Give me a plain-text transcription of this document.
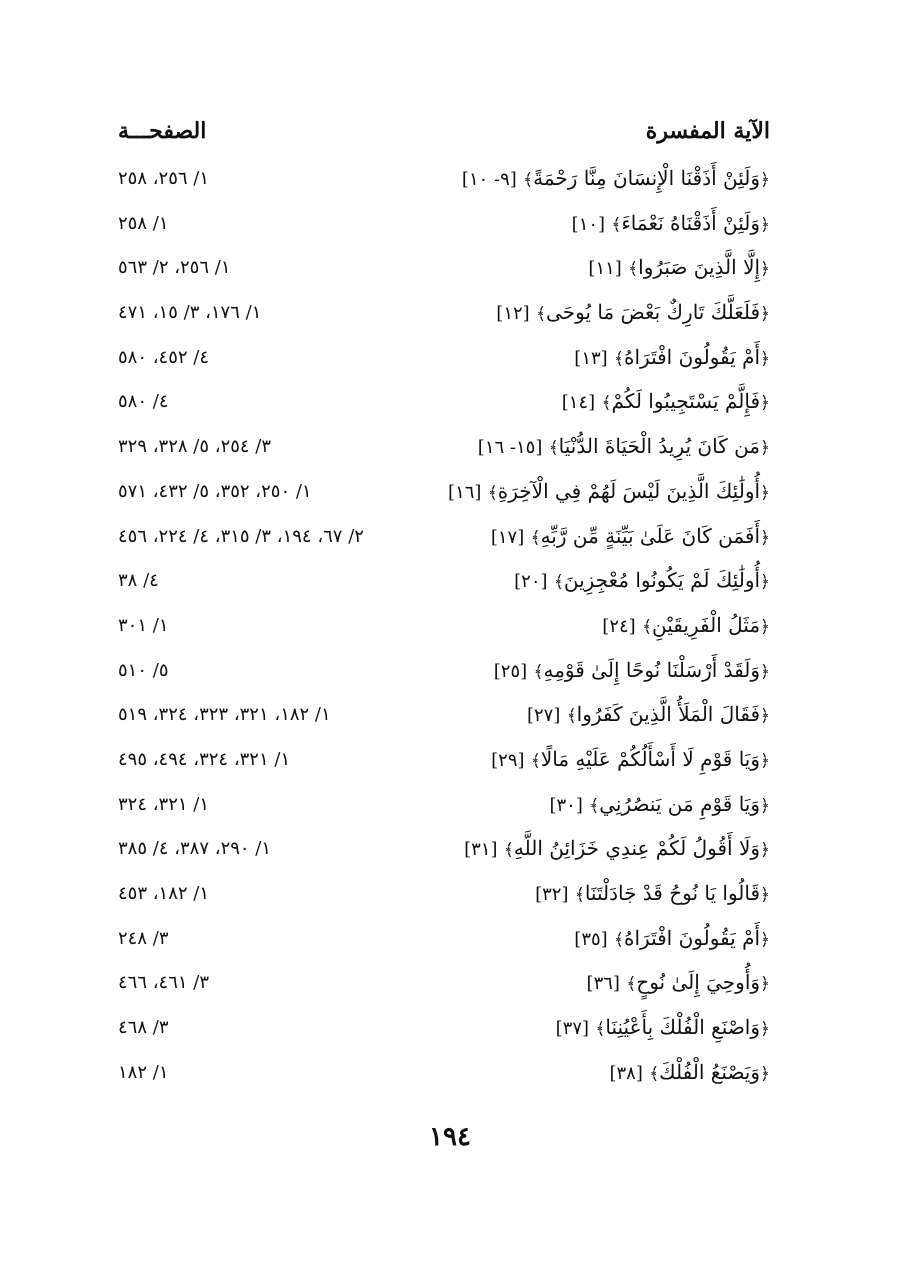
الآية المفسرة
الصفحـــة
﴿وَلَئِنْ أَذَقْنَا الْإِنسَانَ مِنَّا رَحْمَةً﴾ [٩- ١٠]
١/ ٢٥٦، ٢٥٨
﴿وَلَئِنْ أَذَقْنَاهُ نَعْمَاءَ﴾ [١٠]
١/ ٢٥٨
﴿إِلَّا الَّذِينَ صَبَرُوا﴾ [١١]
١/ ٢٥٦، ٢/ ٥٦٣
﴿فَلَعَلَّكَ تَارِكٌ بَعْضَ مَا يُوحَى﴾ [١٢]
١/ ١٧٦، ٣/ ١٥، ٤٧١
﴿أَمْ يَقُولُونَ افْتَرَاهُ﴾ [١٣]
٤/ ٤٥٢، ٥٨٠
﴿فَإِلَّمْ يَسْتَجِيبُوا لَكُمْ﴾ [١٤]
٤/ ٥٨٠
﴿مَن كَانَ يُرِيدُ الْحَيَاةَ الدُّنْيَا﴾ [١٥- ١٦]
٣/ ٢٥٤، ٥/ ٣٢٨، ٣٢٩
﴿أُولَٰئِكَ الَّذِينَ لَيْسَ لَهُمْ فِي الْآخِرَةِ﴾ [١٦]
١/ ٢٥٠، ٣٥٢، ٥/ ٤٣٢، ٥٧١
﴿أَفَمَن كَانَ عَلَىٰ بَيِّنَةٍ مِّن رَّبِّهِ﴾ [١٧]
٢/ ٦٧، ١٩٤، ٣/ ٣١٥، ٤/ ٢٢٤، ٤٥٦
﴿أُولَٰئِكَ لَمْ يَكُونُوا مُعْجِزِينَ﴾ [٢٠]
٤/ ٣٨
﴿مَثَلُ الْفَرِيقَيْنِ﴾ [٢٤]
١/ ٣٠١
﴿وَلَقَدْ أَرْسَلْنَا نُوحًا إِلَىٰ قَوْمِهِ﴾ [٢٥]
٥/ ٥١٠
﴿فَقَالَ الْمَلَأُ الَّذِينَ كَفَرُوا﴾ [٢٧]
١/ ١٨٢، ٣٢١، ٣٢٣، ٣٢٤، ٥١٩
﴿وَيَا قَوْمِ لَا أَسْأَلُكُمْ عَلَيْهِ مَالًا﴾ [٢٩]
١/ ٣٢١، ٣٢٤، ٤٩٤، ٤٩٥
﴿وَيَا قَوْمِ مَن يَنصُرُنِي﴾ [٣٠]
١/ ٣٢١، ٣٢٤
﴿وَلَا أَقُولُ لَكُمْ عِندِي خَزَائِنُ اللَّهِ﴾ [٣١]
١/ ٢٩٠، ٣٨٧، ٤/ ٣٨٥
﴿قَالُوا يَا نُوحُ قَدْ جَادَلْتَنَا﴾ [٣٢]
١/ ١٨٢، ٤٥٣
﴿أَمْ يَقُولُونَ افْتَرَاهُ﴾ [٣٥]
٣/ ٢٤٨
﴿وَأُوحِيَ إِلَىٰ نُوحٍ﴾ [٣٦]
٣/ ٤٦١، ٤٦٦
﴿وَاصْنَعِ الْفُلْكَ بِأَعْيُنِنَا﴾ [٣٧]
٣/ ٤٦٨
﴿وَيَصْنَعُ الْفُلْكَ﴾ [٣٨]
١/ ١٨٢
١٩٤
